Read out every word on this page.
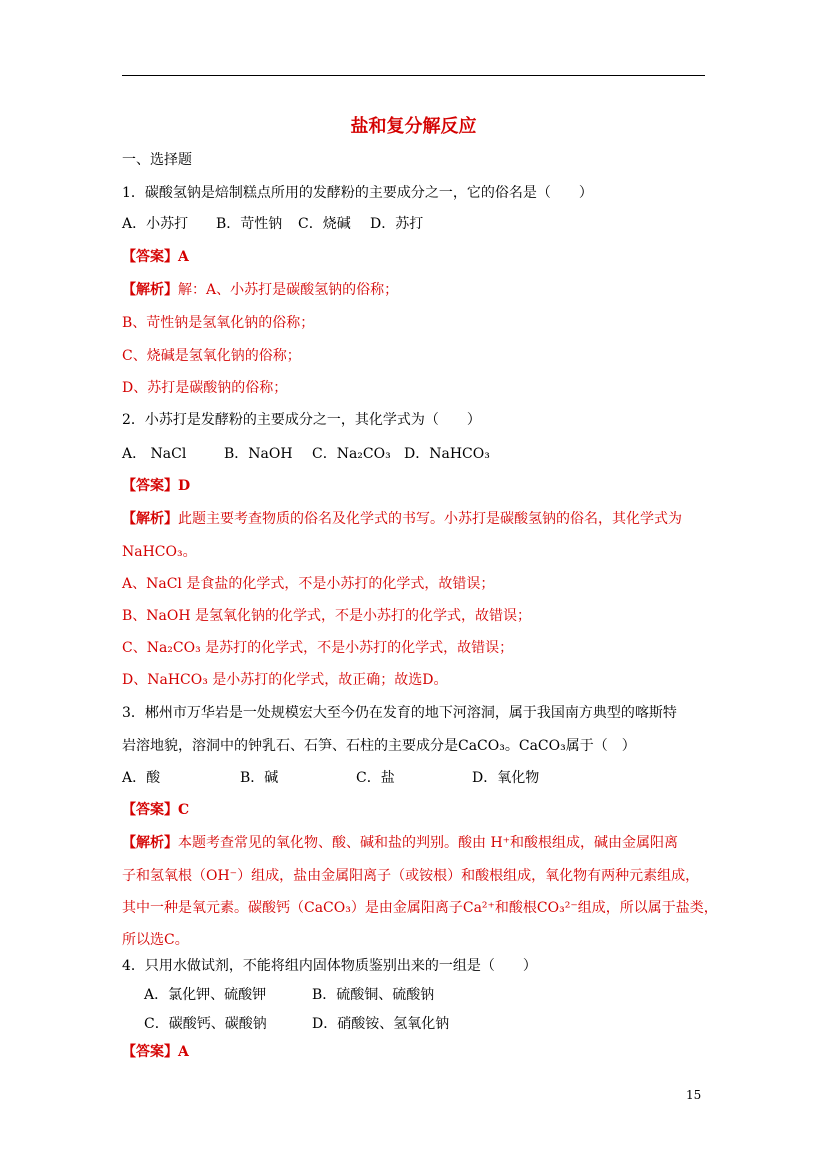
盐和复分解反应
一、选择题
1．碳酸氢钠是焙制糕点所用的发酵粉的主要成分之一，它的俗名是（　　）
A．小苏打 B．苛性钠 C．烧碱 D．苏打
【答案】A
【解析】解：A、小苏打是碳酸氢钠的俗称；
B、苛性钠是氢氧化钠的俗称；
C、烧碱是氢氧化钠的俗称；
D、苏打是碳酸钠的俗称；
2．小苏打是发酵粉的主要成分之一，其化学式为（　　）
A． NaCl	B．NaOH C．Na₂CO₃ D．NaHCO₃
【答案】D
【解析】此题主要考查物质的俗名及化学式的书写。小苏打是碳酸氢钠的俗名，其化学式为
NaHCO₃。
A、NaCl 是食盐的化学式，不是小苏打的化学式，故错误；
B、NaOH 是氢氧化钠的化学式，不是小苏打的化学式，故错误；
C、Na₂CO₃ 是苏打的化学式，不是小苏打的化学式，故错误；
D、NaHCO₃ 是小苏打的化学式，故正确；故选D。
3．郴州市万华岩是一处规模宏大至今仍在发育的地下河溶洞，属于我国南方典型的喀斯特
岩溶地貌，溶洞中的钟乳石、石笋、石柱的主要成分是CaCO₃。CaCO₃属于（　）
A．酸	B．碱	C．盐	D．氧化物
【答案】C
【解析】本题考查常见的氧化物、酸、碱和盐的判别。酸由 H⁺和酸根组成，碱由金属阳离
子和氢氧根（OH⁻）组成，盐由金属阳离子（或铵根）和酸根组成，氧化物有两种元素组成，
其中一种是氧元素。碳酸钙（CaCO₃）是由金属阳离子Ca²⁺和酸根CO₃²⁻组成，所以属于盐类，
所以选C。
4．只用水做试剂，不能将组内固体物质鉴别出来的一组是（　　）
A．氯化钾、硫酸钾	B．硫酸铜、硫酸钠
C．碳酸钙、碳酸钠	D．硝酸铵、氢氧化钠
【答案】A
15
